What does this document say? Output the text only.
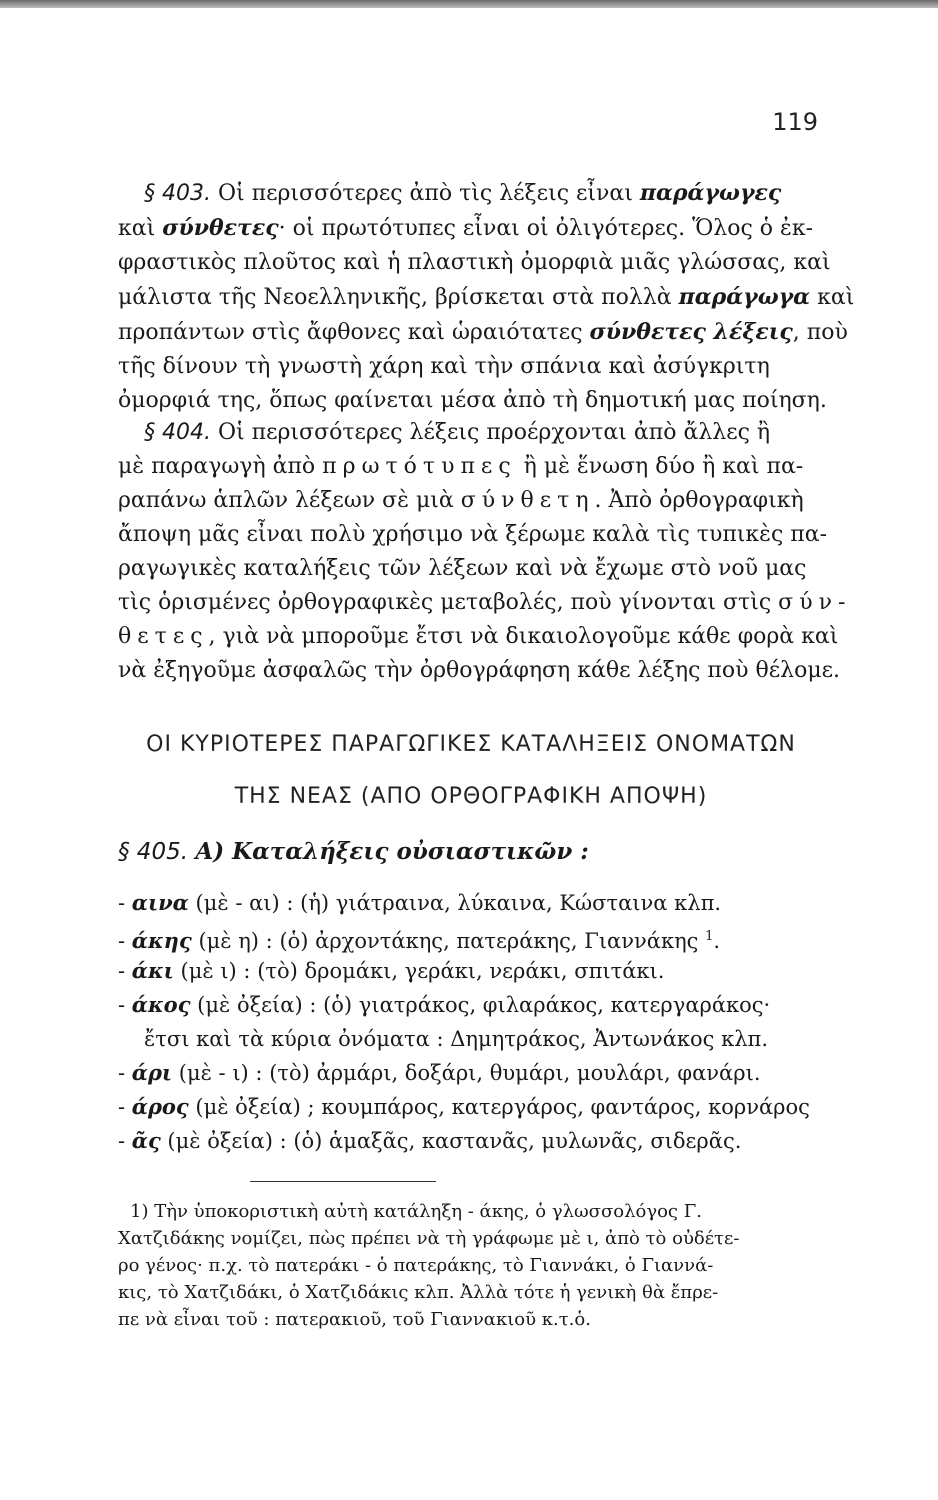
119
§ 403. Οἱ περισσότερες ἀπὸ τὶς λέξεις εἶναι παράγωγες
καὶ σύνθετες· οἱ πρωτότυπες εἶναι οἱ ὀλιγότερες. Ὅλος ὁ ἐκ-
φραστικὸς πλοῦτος καὶ ἡ πλαστικὴ ὀμορφιὰ μιᾶς γλώσσας, καὶ
μάλιστα τῆς Νεοελληνικῆς, βρίσκεται στὰ πολλὰ παράγωγα καὶ
προπάντων στὶς ἄφθονες καὶ ὡραιότατες σύνθετες λέξεις, ποὺ
τῆς δίνουν τὴ γνωστὴ χάρη καὶ τὴν σπάνια καὶ ἀσύγκριτη
ὀμορφιά της, ὅπως φαίνεται μέσα ἀπὸ τὴ δημοτική μας ποίηση.
§ 404. Οἱ περισσότερες λέξεις προέρχονται ἀπὸ ἄλλες ἢ
μὲ παραγωγὴ ἀπὸ πρωτότυπες ἢ μὲ ἕνωση δύο ἢ καὶ πα-
ραπάνω ἁπλῶν λέξεων σὲ μιὰ σύνθετη. Ἀπὸ ὀρθογραφικὴ
ἄποψη μᾶς εἶναι πολὺ χρήσιμο νὰ ξέρωμε καλὰ τὶς τυπικὲς πα-
ραγωγικὲς καταλήξεις τῶν λέξεων καὶ νὰ ἔχωμε στὸ νοῦ μας
τὶς ὁρισμένες ὀρθογραφικὲς μεταβολές, ποὺ γίνονται στὶς σύν-
θετες, γιὰ νὰ μποροῦμε ἔτσι νὰ δικαιολογοῦμε κάθε φορὰ καὶ
νὰ ἐξηγοῦμε ἀσφαλῶς τὴν ὀρθογράφηση κάθε λέξης ποὺ θέλομε.
ΟΙ ΚΥΡΙΟΤΕΡΕΣ ΠΑΡΑΓΩΓΙΚΕΣ ΚΑΤΑΛΗΞΕΙΣ ΟΝΟΜΑΤΩΝ
ΤΗΣ ΝΕΑΣ (ΑΠΟ ΟΡΘΟΓΡΑΦΙΚΗ ΑΠΟΨΗ)
§ 405. Α) Καταλήξεις οὐσιαστικῶν :
- αινα (μὲ - αι) : (ἡ) γιάτραινα, λύκαινα, Κώσταινα κλπ.
- άκης (μὲ η) : (ὁ) ἀρχοντάκης, πατεράκης, Γιαννάκης $^1$.
- άκι (μὲ ι) : (τὸ) δρομάκι, γεράκι, νεράκι, σπιτάκι.
- άκος (μὲ ὀξεία) : (ὁ) γιατράκος, φιλαράκος, κατεργαράκος·
ἔτσι καὶ τὰ κύρια ὀνόματα : Δημητράκος, Ἀντωνάκος κλπ.
- άρι (μὲ - ι) : (τὸ) ἀρμάρι, δοξάρι, θυμάρι, μουλάρι, φανάρι.
- άρος (μὲ ὀξεία) ; κουμπάρος, κατεργάρος, φαντάρος, κορνάρος
- ᾶς (μὲ ὀξεία) : (ὁ) ἁμαξᾶς, καστανᾶς, μυλωνᾶς, σιδερᾶς.
1) Τὴν ὑποκοριστικὴ αὐτὴ κατάληξη - άκης, ὁ γλωσσολόγος Γ.
Χατζιδάκης νομίζει, πὼς πρέπει νὰ τὴ γράφωμε μὲ ι, ἀπὸ τὸ οὐδέτε-
ρο γένος· π.χ. τὸ πατεράκι - ὁ πατεράκης, τὸ Γιαννάκι, ὁ Γιαννά-
κις, τὸ Χατζιδάκι, ὁ Χατζιδάκις κλπ. Ἀλλὰ τότε ἡ γενικὴ θὰ ἔπρε-
πε νὰ εἶναι τοῦ : πατερακιοῦ, τοῦ Γιαννακιοῦ κ.τ.ὁ.
